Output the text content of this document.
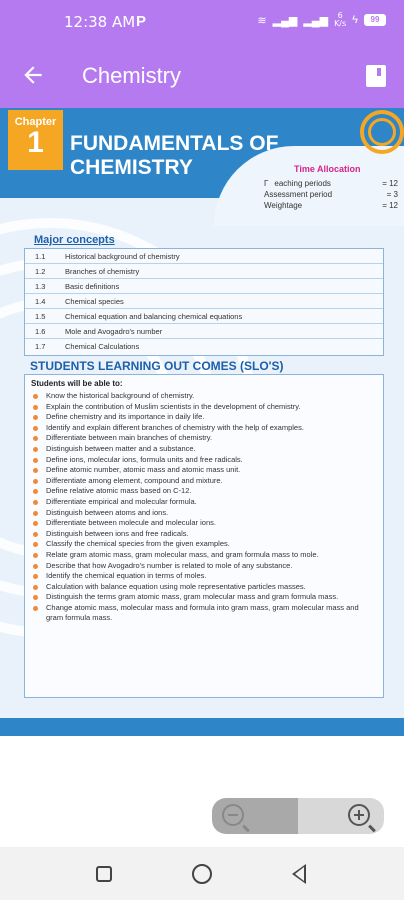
12:38 AM P	≋ ▂▄▆ ▂▄▆	6
K/s ϟ	99
Chemistry
Chapter
1	FUNDAMENTALS OF
CHEMISTRY	Time Allocation
Γ eaching periods	= 12
Assessment period	= 3
Weightage	= 12
Major concepts
1.1	Historical background of chemistry
1.2	Branches of chemistry
1.3	Basic definitions
1.4	Chemical species
1.5	Chemical equation and balancing chemical equations
1.6	Mole and Avogadro's number
1.7	Chemical Calculations
STUDENTS LEARNING OUT COMES (SLO'S)
Students will be able to:
Know the historical background of chemistry.
Explain the contribution of Muslim scientists in the development of chemistry.
Define chemistry and its importance in daily life.
Identify and explain different branches of chemistry with the help of examples.
Differentiate between main branches of chemistry.
Distinguish between matter and a substance.
Define ions, molecular ions, formula units and free radicals.
Define atomic number, atomic mass and atomic mass unit.
Differentiate among element, compound and mixture.
Define relative atomic mass based on C-12.
Differentiate empirical and molecular formula.
Distinguish between atoms and ions.
Differentiate between molecule and molecular ions.
Distinguish between ions and free radicals.
Classify the chemical species from the given examples.
Relate gram atomic mass, gram molecular mass, and gram formula mass to mole.
Describe that how Avogadro's number is related to mole of any substance.
Identify the chemical equation in terms of moles.
Calculation with balance equation using mole representative particles masses.
Distinguish the terms gram atomic mass, gram molecular mass and gram formula mass.
Change atomic mass, molecular mass and formula into gram mass, gram molecular mass and gram formula mass.
